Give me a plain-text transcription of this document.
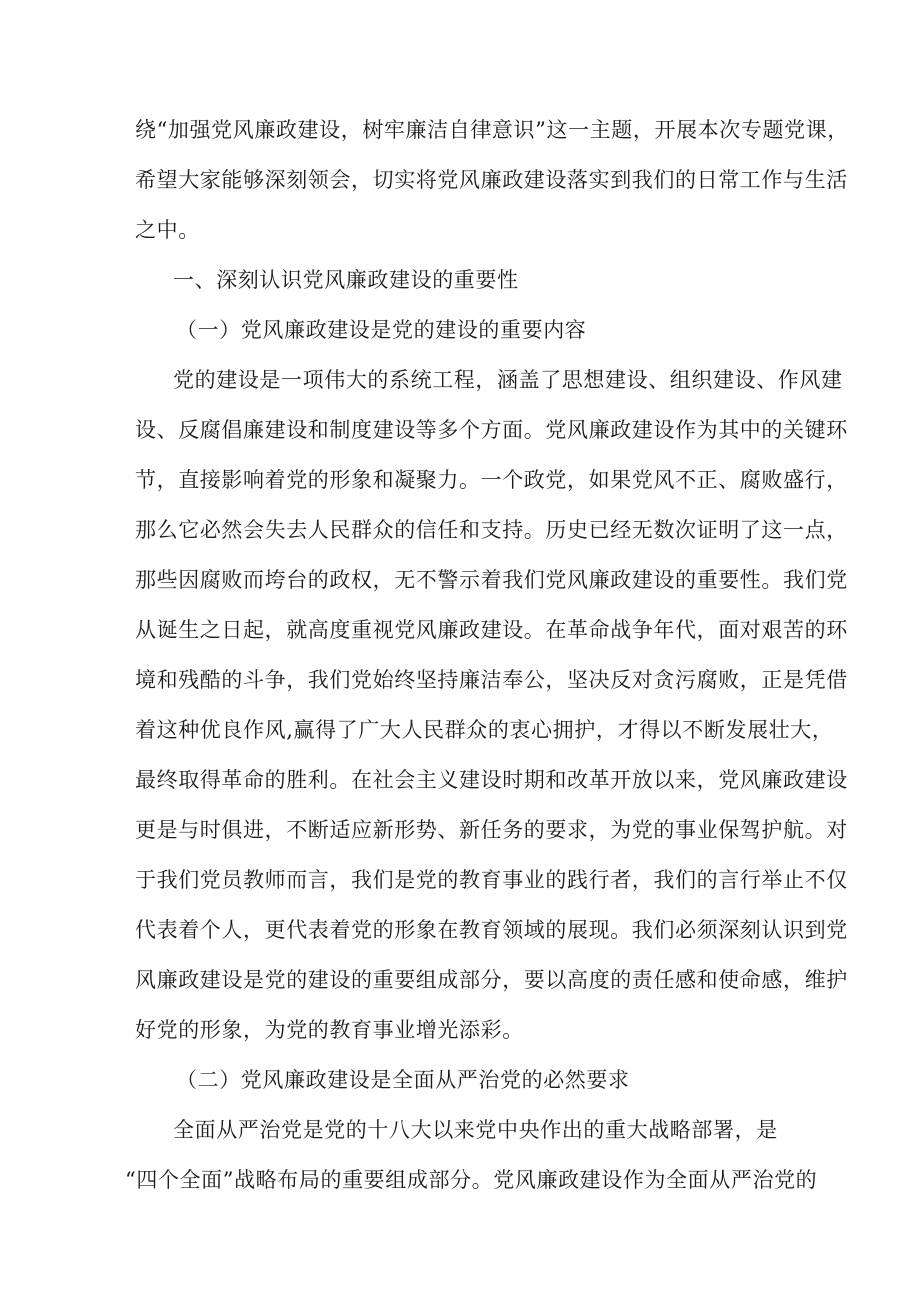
绕“加强党风廉政建设，树牢廉洁自律意识”这一主题，开展本次专题党课，
希望大家能够深刻领会，切实将党风廉政建设落实到我们的日常工作与生活
之中。
一、深刻认识党风廉政建设的重要性
（一）党风廉政建设是党的建设的重要内容
党的建设是一项伟大的系统工程，涵盖了思想建设、组织建设、作风建
设、反腐倡廉建设和制度建设等多个方面。党风廉政建设作为其中的关键环
节，直接影响着党的形象和凝聚力。一个政党，如果党风不正、腐败盛行，
那么它必然会失去人民群众的信任和支持。历史已经无数次证明了这一点，
那些因腐败而垮台的政权，无不警示着我们党风廉政建设的重要性。我们党
从诞生之日起，就高度重视党风廉政建设。在革命战争年代，面对艰苦的环
境和残酷的斗争，我们党始终坚持廉洁奉公，坚决反对贪污腐败，正是凭借
着这种优良作风,赢得了广大人民群众的衷心拥护，才得以不断发展壮大，
最终取得革命的胜利。在社会主义建设时期和改革开放以来，党风廉政建设
更是与时俱进，不断适应新形势、新任务的要求，为党的事业保驾护航。对
于我们党员教师而言，我们是党的教育事业的践行者，我们的言行举止不仅
代表着个人，更代表着党的形象在教育领域的展现。我们必须深刻认识到党
风廉政建设是党的建设的重要组成部分，要以高度的责任感和使命感，维护
好党的形象，为党的教育事业增光添彩。
（二）党风廉政建设是全面从严治党的必然要求
全面从严治党是党的十八大以来党中央作出的重大战略部署，是
“四个全面”战略布局的重要组成部分。党风廉政建设作为全面从严治党的
